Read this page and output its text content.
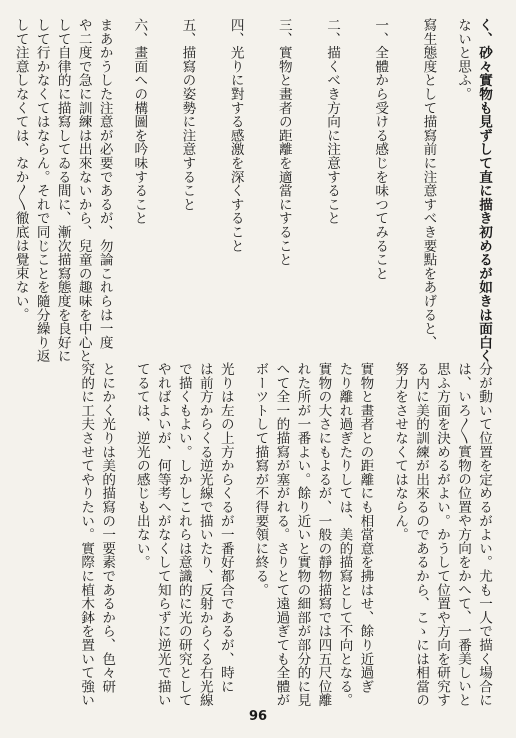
く、砂々實物も見ずして直に描き初めるが如きは面白く
ないと思ふ。
寫生態度として描寫前に注意すべき要點をあげると、
一、全體から受ける感じを味つてみること
二、描くべき方向に注意すること
三、實物と畫者の距離を適當にすること
四、光りに對する感激を深くすること
五、描寫の姿勢に注意すること
六、畫面への構圖を吟味すること
まあかうした注意が必要であるが、勿論これらは一度
や二度で急に訓練は出來ないから、兒童の趣味を中心と
して自律的に描寫してゐる間に、漸次描寫態度を良好に
して行かなくてはならん。それで同じことを隨分繰り返
して注意しなくては、なか〳〵徹底は覺束ない。
分が動いて位置を定めるがよい。尤も一人で描く場合に
は、いろ〳〵實物の位置や方向をかへて、一番美しいと
思ふ方面を決めるがよい。かうして位置や方向を研究す
る内に美的訓練が出來るのであるから、こゝには相當の
努力をさせなくてはならん。
實物と畫者との距離にも相當意を拂はせ、餘り近過ぎ
たり離れ過ぎたりしては、美的描寫として不向となる。
實物の大さにもよるが、一般の靜物描寫では四五尺位離
れた所が一番よい。餘り近いと實物の細部が部分的に見
へて全一的描寫が塞がれる。さりとて遠過ぎても全體が
ボーツトして描寫が不得要領に終る。
光りは左の上方からくるが一番好都合であるが、時に
は前方からくる逆光線で描いたり、反射からくる右光線
で描くもよい。しかしこれらは意識的に光の研究として
やればよいが、何等考へがなくして知らずに逆光で描い
てるては、逆光の感じも出ない。
とにかく光りは美的描寫の一要素であるから、色々研
究的に工夫させてやりたい。實際に植木鉢を置いて強い
96
